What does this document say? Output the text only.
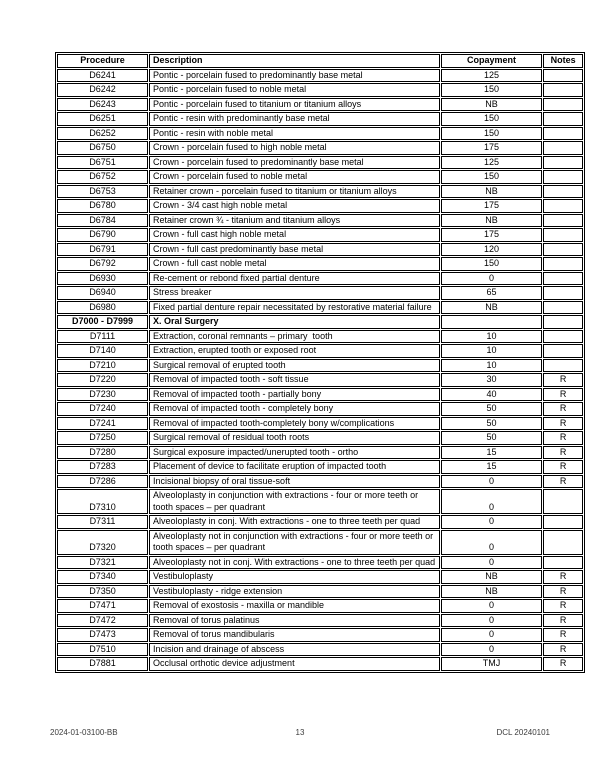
Procedure	Description	Copayment	Notes
D6241	Pontic - porcelain fused to predominantly base metal	125	
D6242	Pontic - porcelain fused to noble metal	150	
D6243	Pontic - porcelain fused to titanium or titanium alloys	NB	
D6251	Pontic - resin with predominantly base metal	150	
D6252	Pontic - resin with noble metal	150	
D6750	Crown - porcelain fused to high noble metal	175	
D6751	Crown - porcelain fused to predominantly base metal	125	
D6752	Crown - porcelain fused to noble metal	150	
D6753	Retainer crown - porcelain fused to titanium or titanium alloys	NB	
D6780	Crown - 3/4 cast high noble metal	175	
D6784	Retainer crown ¾ - titanium and titanium alloys	NB	
D6790	Crown - full cast high noble metal	175	
D6791	Crown - full cast predominantly base metal	120	
D6792	Crown - full cast noble metal	150	
D6930	Re-cement or rebond fixed partial denture	0	
D6940	Stress breaker	65	
D6980	Fixed partial denture repair necessitated by restorative material failure	NB	
D7000 - D7999	X. Oral Surgery		
D7111	Extraction, coronal remnants – primary  tooth	10	
D7140	Extraction, erupted tooth or exposed root	10	
D7210	Surgical removal of erupted tooth	10	
D7220	Removal of impacted tooth - soft tissue	30	R
D7230	Removal of impacted tooth - partially bony	40	R
D7240	Removal of impacted tooth - completely bony	50	R
D7241	Removal of impacted tooth-completely bony w/complications	50	R
D7250	Surgical removal of residual tooth roots	50	R
D7280	Surgical exposure impacted/unerupted tooth - ortho	15	R
D7283	Placement of device to facilitate eruption of impacted tooth	15	R
D7286	Incisional biopsy of oral tissue-soft	0	R
D7310	Alveoloplasty in conjunction with extractions - four or more teeth or tooth spaces – per quadrant	0	
D7311	Alveoloplasty in conj. With extractions - one to three teeth per quad	0	
D7320	Alveoloplasty not in conjunction with extractions - four or more teeth or tooth spaces – per quadrant	0	
D7321	Alveoloplasty not in conj. With extractions - one to three teeth per quad	0	
D7340	Vestibuloplasty	NB	R
D7350	Vestibuloplasty - ridge extension	NB	R
D7471	Removal of exostosis - maxilla or mandible	0	R
D7472	Removal of torus palatinus	0	R
D7473	Removal of torus mandibularis	0	R
D7510	Incision and drainage of abscess	0	R
D7881	Occlusal orthotic device adjustment	TMJ	R
2024-01-03100-BB	13	DCL 20240101
